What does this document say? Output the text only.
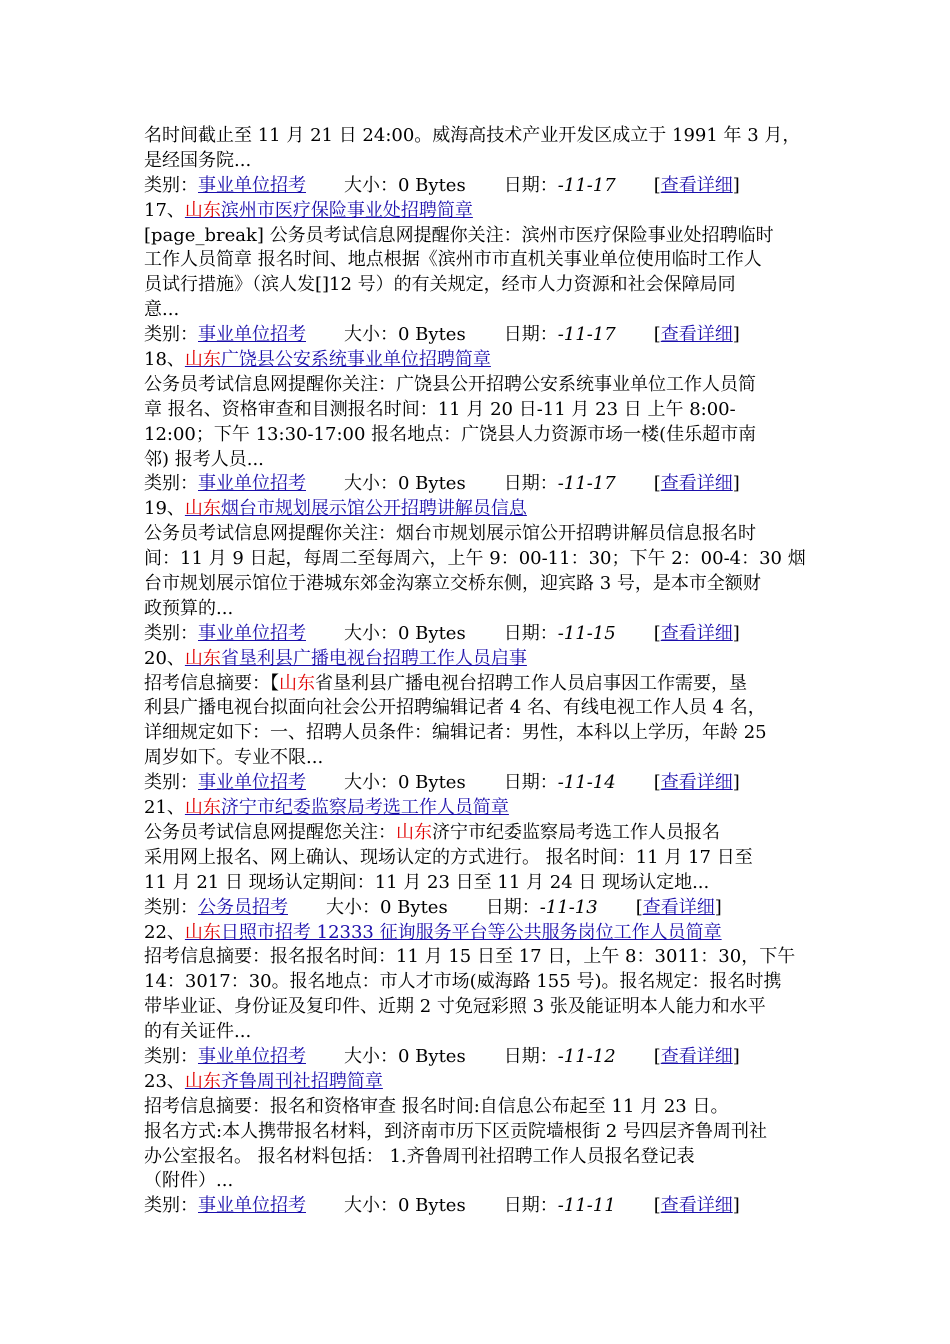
名时间截止至 11 月 21 日 24:00。威海高技术产业开发区成立于 1991 年 3 月，
是经国务院...
类别：事业单位招考 大小：0 Bytes 日期：-11-17 [查看详细]
17、山东滨州市医疗保险事业处招聘简章
[page_break] 公务员考试信息网提醒你关注：滨州市医疗保险事业处招聘临时
工作人员简章 报名时间、地点根据《滨州市市直机关事业单位使用临时工作人
员试行措施》（滨人发[]12 号）的有关规定，经市人力资源和社会保障局同
意...
类别：事业单位招考 大小：0 Bytes 日期：-11-17 [查看详细]
18、山东广饶县公安系统事业单位招聘简章
公务员考试信息网提醒你关注：广饶县公开招聘公安系统事业单位工作人员简
章 报名、资格审查和目测报名时间：11 月 20 日-11 月 23 日 上午 8:00-
12:00；下午 13:30-17:00 报名地点：广饶县人力资源市场一楼(佳乐超市南
邻) 报考人员...
类别：事业单位招考 大小：0 Bytes 日期：-11-17 [查看详细]
19、山东烟台市规划展示馆公开招聘讲解员信息
公务员考试信息网提醒你关注：烟台市规划展示馆公开招聘讲解员信息报名时
间：11 月 9 日起，每周二至每周六，上午 9：00-11：30；下午 2：00-4：30 烟
台市规划展示馆位于港城东郊金沟寨立交桥东侧，迎宾路 3 号，是本市全额财
政预算的...
类别：事业单位招考 大小：0 Bytes 日期：-11-15 [查看详细]
20、山东省垦利县广播电视台招聘工作人员启事
招考信息摘要：【山东省垦利县广播电视台招聘工作人员启事因工作需要，垦
利县广播电视台拟面向社会公开招聘编辑记者 4 名、有线电视工作人员 4 名，
详细规定如下：一、招聘人员条件：编辑记者：男性，本科以上学历，年龄 25
周岁如下。专业不限...
类别：事业单位招考 大小：0 Bytes 日期：-11-14 [查看详细]
21、山东济宁市纪委监察局考选工作人员简章
公务员考试信息网提醒您关注：山东济宁市纪委监察局考选工作人员报名
采用网上报名、网上确认、现场认定的方式进行。 报名时间：11 月 17 日至
11 月 21 日 现场认定期间：11 月 23 日至 11 月 24 日 现场认定地...
类别：公务员招考 大小：0 Bytes 日期：-11-13 [查看详细]
22、山东日照市招考 12333 征询服务平台等公共服务岗位工作人员简章
招考信息摘要：报名报名时间：11 月 15 日至 17 日，上午 8：3011：30，下午
14：3017：30。报名地点：市人才市场(威海路 155 号)。报名规定：报名时携
带毕业证、身份证及复印件、近期 2 寸免冠彩照 3 张及能证明本人能力和水平
的有关证件...
类别：事业单位招考 大小：0 Bytes 日期：-11-12 [查看详细]
23、山东齐鲁周刊社招聘简章
招考信息摘要：报名和资格审查 报名时间:自信息公布起至 11 月 23 日。
报名方式:本人携带报名材料，到济南市历下区贡院墙根街 2 号四层齐鲁周刊社
办公室报名。 报名材料包括： 1.齐鲁周刊社招聘工作人员报名登记表
（附件）...
类别：事业单位招考 大小：0 Bytes 日期：-11-11 [查看详细]
